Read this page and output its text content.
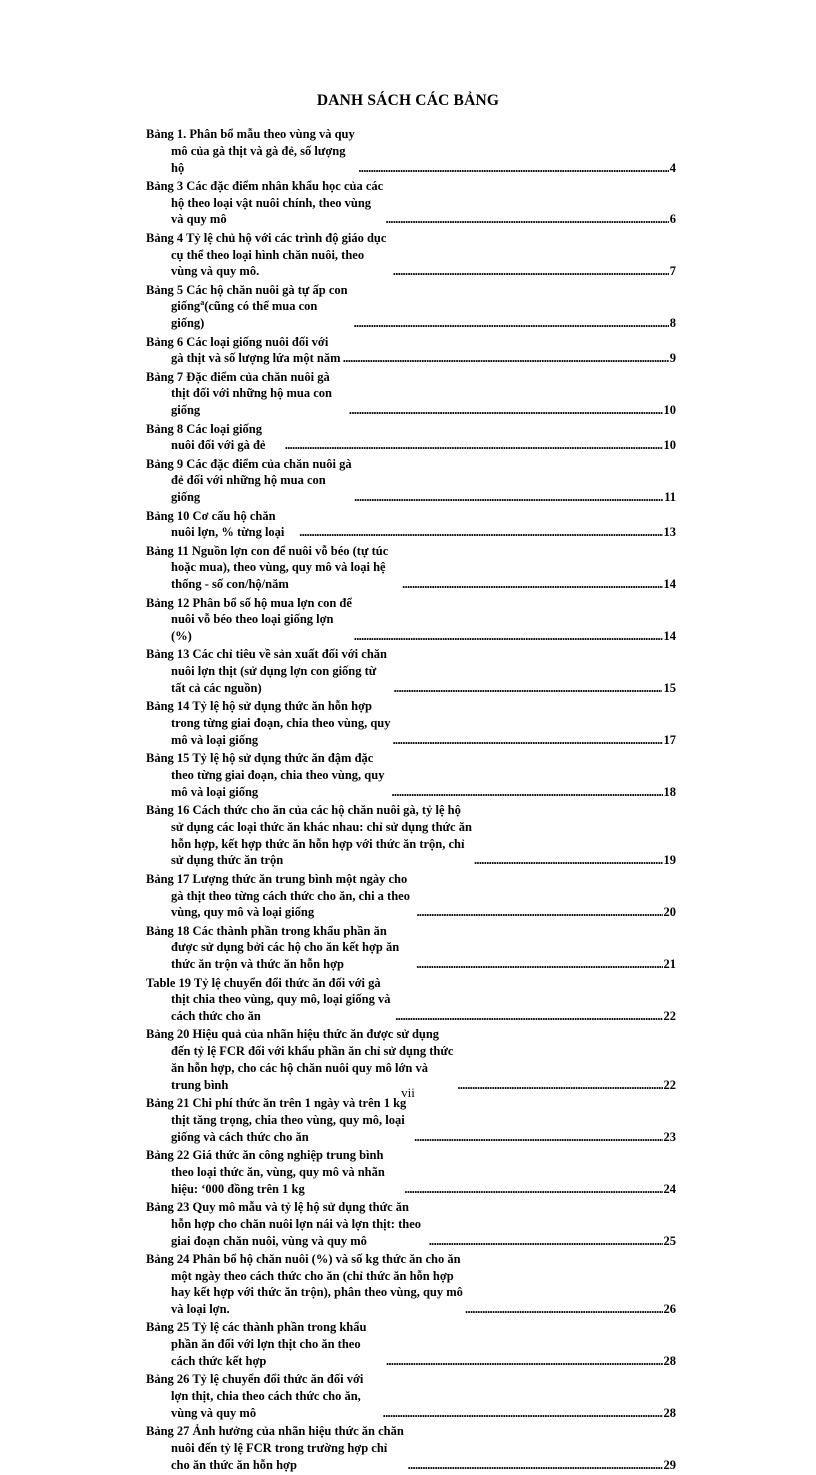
DANH SÁCH CÁC BẢNG
Bảng 1. Phân bổ mẫu theo vùng và quy mô của gà thịt và gà đẻ, số lượng hộ . . .	4
Bảng 3 Các đặc điểm nhân khẩu học của các hộ theo loại vật nuôi chính, theo vùng và quy mô . . .	6
Bảng 4 Tỷ lệ chủ hộ với các trình độ giáo dục cụ thể theo loại hình chăn nuôi, theo vùng và quy mô. . . .	7
Bảng 5 Các hộ chăn nuôi gà tự ấp con giống$^a$(cũng có thể mua con giống) . . .	8
Bảng 6 Các loại giống nuôi đối với gà thịt và số lượng lứa một năm . . .	9
Bảng 7 Đặc điểm của chăn nuôi gà thịt đối với những hộ mua con giống . . .	10
Bảng 8 Các loại giống nuôi đối với gà đẻ . . .	10
Bảng 9 Các đặc điểm của chăn nuôi gà đẻ đối với những hộ mua con giống . . .	11
Bảng 10 Cơ cấu hộ chăn nuôi lợn, % từng loại . . .	13
Bảng 11 Nguồn lợn con để nuôi vỗ béo (tự túc hoặc mua), theo vùng, quy mô và loại hệ thống - số con/hộ/năm . . .	14
Bảng 12 Phân bổ số hộ mua lợn con để nuôi vỗ béo theo loại giống lợn (%) . . .	14
Bảng 13 Các chỉ tiêu về sản xuất đối với chăn nuôi lợn thịt (sử dụng lợn con giống từ tất cả các nguồn) . . .	15
Bảng 14 Tỷ lệ hộ sử dụng thức ăn hỗn hợp trong từng giai đoạn, chia theo vùng, quy mô và loại giống . . .	17
Bảng 15 Tỷ lệ hộ sử dụng thức ăn đậm đặc theo từng giai đoạn, chia theo vùng, quy mô và loại giống . . .	18
Bảng 16 Cách thức cho ăn của các hộ chăn nuôi gà, tỷ lệ hộ sử dụng các loại thức ăn khác nhau: chỉ sử dụng thức ăn hỗn hợp, kết hợp thức ăn hỗn hợp với thức ăn trộn, chỉ sử dụng thức ăn trộn . . .	19
Bảng 17 Lượng thức ăn trung bình một ngày cho gà thịt theo từng cách thức cho ăn, chi a theo vùng, quy mô và loại giống . . .	20
Bảng 18 Các thành phần trong khẩu phần ăn được sử dụng bởi các hộ cho ăn kết hợp ăn thức ăn trộn và thức ăn hỗn hợp . . .	21
Table 19 Tỷ lệ chuyển đổi thức ăn đối với gà thịt chia theo vùng, quy mô, loại giống và cách thức cho ăn . . .	22
Bảng 20 Hiệu quả của nhãn hiệu thức ăn được sử dụng đến tỷ lệ FCR đối với khẩu phần ăn chỉ sử dụng thức ăn hỗn hợp, cho các hộ chăn nuôi quy mô lớn và trung bình . . .	22
Bảng 21 Chi phí thức ăn trên 1 ngày và trên 1 kg thịt tăng trọng, chia theo vùng, quy mô, loại giống và cách thức cho ăn . . .	23
Bảng 22 Giá thức ăn công nghiệp trung bình theo loại thức ăn, vùng, quy mô và nhãn hiệu: ‘000 đồng trên 1 kg . . .	24
Bảng 23 Quy mô mẫu và tỷ lệ hộ sử dụng thức ăn hỗn hợp cho chăn nuôi lợn nái và lợn thịt: theo giai đoạn chăn nuôi, vùng và quy mô . . .	25
Bảng 24 Phân bổ hộ chăn nuôi (%) và số kg thức ăn cho ăn một ngày theo cách thức cho ăn (chỉ thức ăn hỗn hợp hay kết hợp với thức ăn trộn), phân theo vùng, quy mô và loại lợn. . . .	26
Bảng 25 Tỷ lệ các thành phần trong khẩu phần ăn đối với lợn thịt cho ăn theo cách thức kết hợp . . .	28
Bảng 26 Tỷ lệ chuyển đổi thức ăn đối với lợn thịt, chia theo cách thức cho ăn, vùng và quy mô . . .	28
Bảng 27 Ảnh hưởng của nhãn hiệu thức ăn chăn nuôi đến tỷ lệ FCR trong trường hợp chỉ cho ăn thức ăn hỗn hợp . . .	29
vii
